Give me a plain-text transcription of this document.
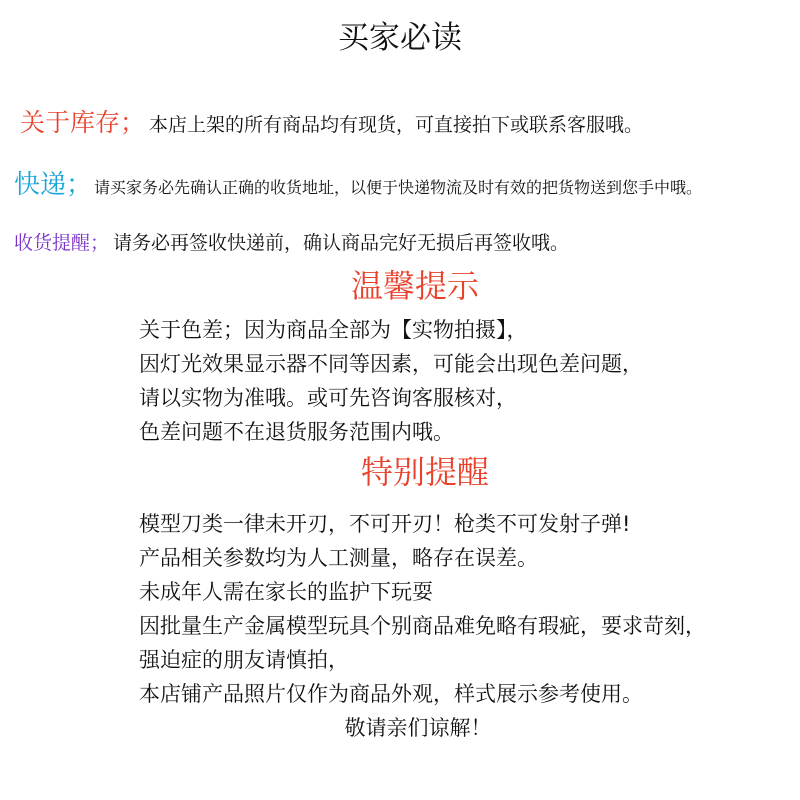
买家必读
关于库存； 本店上架的所有商品均有现货，可直接拍下或联系客服哦。
快递； 请买家务必先确认正确的收货地址，以便于快递物流及时有效的把货物送到您手中哦。
收货提醒； 请务必再签收快递前，确认商品完好无损后再签收哦。
温馨提示
关于色差；因为商品全部为【实物拍摄】，
因灯光效果显示器不同等因素，可能会出现色差问题，
请以实物为准哦。或可先咨询客服核对，
色差问题不在退货服务范围内哦。
特别提醒
模型刀类一律未开刃，不可开刃！枪类不可发射子弹!
产品相关参数均为人工测量，略存在误差。
未成年人需在家长的监护下玩耍
因批量生产金属模型玩具个别商品难免略有瑕疵，要求苛刻，
强迫症的朋友请慎拍，
本店铺产品照片仅作为商品外观，样式展示参考使用。
敬请亲们谅解！
